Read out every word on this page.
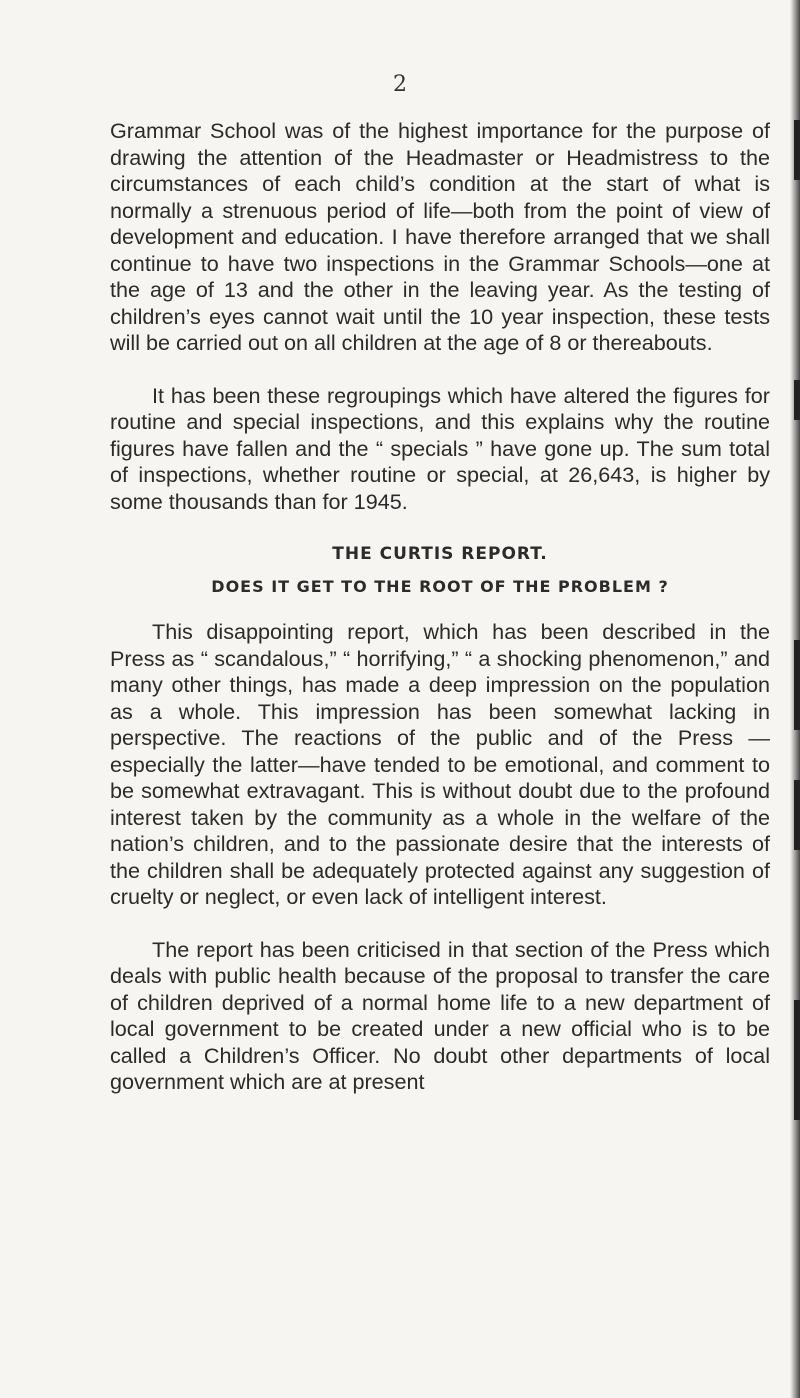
2

Grammar School was of the highest importance for the purpose of drawing the attention of the Headmaster or Headmistress to the circumstances of each child’s condition at the start of what is normally a strenuous period of life—both from the point of view of development and education. I have therefore arranged that we shall continue to have two inspections in the Grammar Schools—one at the age of 13 and the other in the leaving year. As the testing of children’s eyes cannot wait until the 10 year inspection, these tests will be carried out on all children at the age of 8 or thereabouts.

It has been these regroupings which have altered the figures for routine and special inspections, and this explains why the routine figures have fallen and the “ specials ” have gone up. The sum total of inspections, whether routine or special, at 26,643, is higher by some thousands than for 1945.

THE CURTIS REPORT.

DOES IT GET TO THE ROOT OF THE PROBLEM ?

This disappointing report, which has been described in the Press as “ scandalous,” “ horrifying,” “ a shocking phenomenon,” and many other things, has made a deep impression on the population as a whole. This impression has been somewhat lacking in perspective. The reactions of the public and of the Press — especially the latter—have tended to be emotional, and comment to be somewhat extravagant. This is without doubt due to the profound interest taken by the community as a whole in the welfare of the nation’s children, and to the passionate desire that the interests of the children shall be adequately protected against any suggestion of cruelty or neglect, or even lack of intelligent interest.

The report has been criticised in that section of the Press which deals with public health because of the proposal to transfer the care of children deprived of a normal home life to a new department of local government to be created under a new official who is to be called a Children’s Officer. No doubt other departments of local government which are at present
